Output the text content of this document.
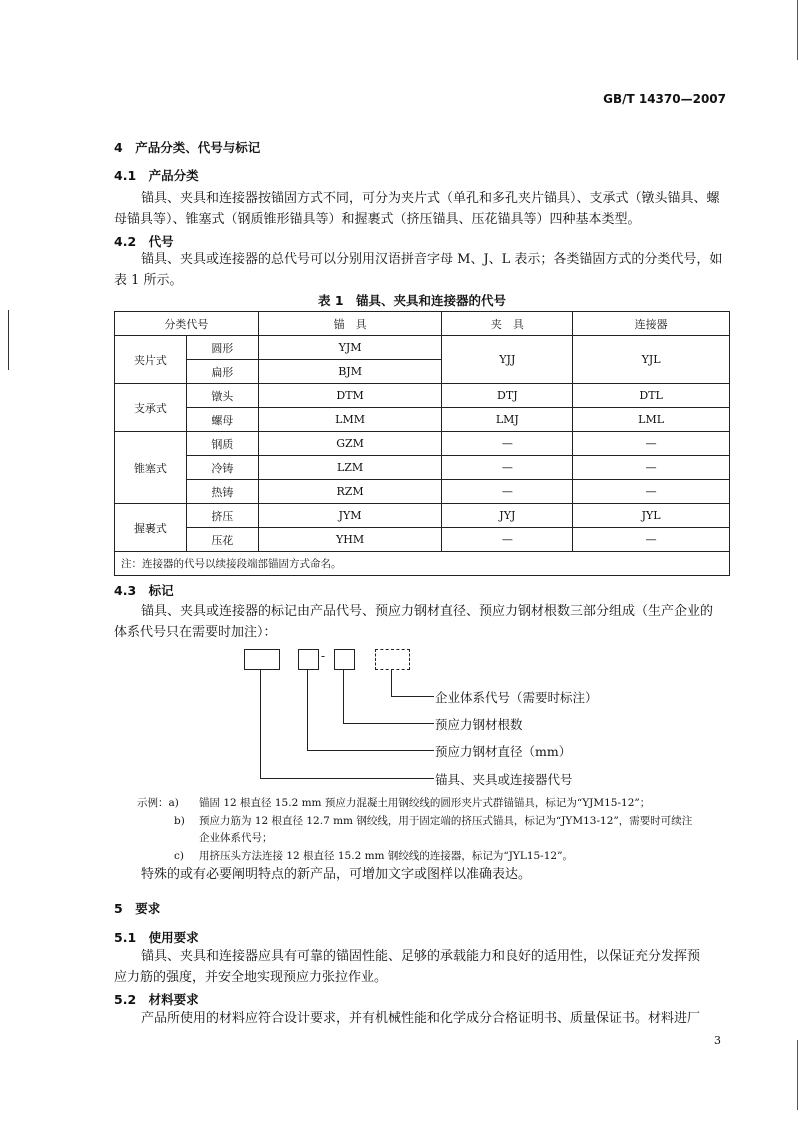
GB/T 14370—2007
4　产品分类、代号与标记
4.1　产品分类
锚具、夹具和连接器按锚固方式不同，可分为夹片式（单孔和多孔夹片锚具）、支承式（镦头锚具、螺
母锚具等）、锥塞式（钢质锥形锚具等）和握裹式（挤压锚具、压花锚具等）四种基本类型。
4.2　代号
锚具、夹具或连接器的总代号可以分别用汉语拼音字母 M、J、L 表示；各类锚固方式的分类代号，如
表 1 所示。
表 1　锚具、夹具和连接器的代号
分类代号		锚　具	夹　具	连接器
夹片式	圆形	YJM	YJJ	YJL
	扁形	BJM		
支承式	镦头	DTM	DTJ	DTL
	螺母	LMM	LMJ	LML
锥塞式	钢质	GZM	—	—
	冷铸	LZM	—	—
	热铸	RZM	—	—
握裹式	挤压	JYM	JYJ	JYL
	压花	YHM	—	—
注：连接器的代号以续接段端部锚固方式命名。				
4.3　标记
锚具、夹具或连接器的标记由产品代号、预应力钢材直径、预应力钢材根数三部分组成（生产企业的
体系代号只在需要时加注）：
-
企业体系代号（需要时标注）
预应力钢材根数
预应力钢材直径（mm）
锚具、夹具或连接器代号
示例：a) 锚固 12 根直径 15.2 mm 预应力混凝土用钢绞线的圆形夹片式群锚锚具，标记为“YJM15-12”；
b) 预应力筋为 12 根直径 12.7 mm 钢绞线，用于固定端的挤压式锚具，标记为“JYM13-12”，需要时可续注
企业体系代号；
c) 用挤压头方法连接 12 根直径 15.2 mm 钢绞线的连接器，标记为“JYL15-12”。
特殊的或有必要阐明特点的新产品，可增加文字或图样以准确表达。
5　要求
5.1　使用要求
锚具、夹具和连接器应具有可靠的锚固性能、足够的承载能力和良好的适用性，以保证充分发挥预
应力筋的强度，并安全地实现预应力张拉作业。
5.2　材料要求
产品所使用的材料应符合设计要求，并有机械性能和化学成分合格证明书、质量保证书。材料进厂
3
